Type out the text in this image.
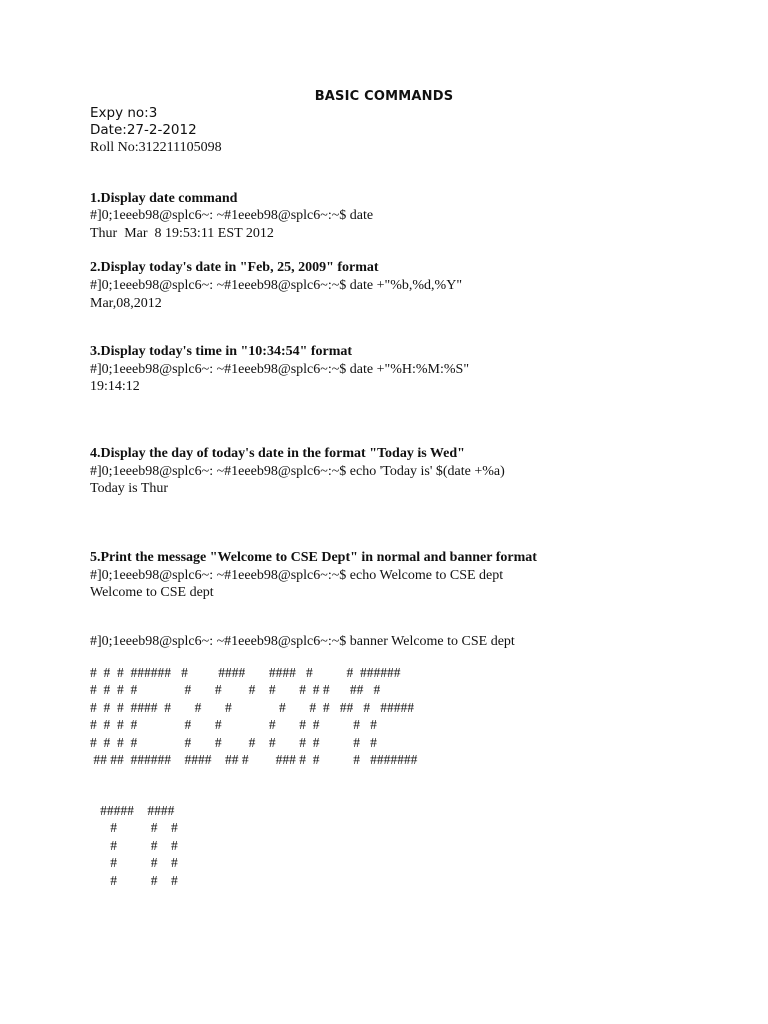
BASIC COMMANDS
Expy no:3
Date:27-2-2012
Roll No:312211105098
1.Display date command
#]0;1eeeb98@splc6~: ~#1eeeb98@splc6~:~$ date
Thur  Mar  8 19:53:11 EST 2012
2.Display today's date in "Feb, 25, 2009" format
#]0;1eeeb98@splc6~: ~#1eeeb98@splc6~:~$ date +"%b,%d,%Y"
Mar,08,2012
3.Display today's time in "10:34:54" format
#]0;1eeeb98@splc6~: ~#1eeeb98@splc6~:~$ date +"%H:%M:%S"
19:14:12
4.Display the day of today's date in the format "Today is Wed"
#]0;1eeeb98@splc6~: ~#1eeeb98@splc6~:~$ echo 'Today is' $(date +%a)
Today is Thur
5.Print the message "Welcome to CSE Dept" in normal and banner format
#]0;1eeeb98@splc6~: ~#1eeeb98@splc6~:~$ echo Welcome to CSE dept
Welcome to CSE dept
#]0;1eeeb98@splc6~: ~#1eeeb98@splc6~:~$ banner Welcome to CSE dept
#  #  #  ######   #         ####       ####   #          #  ######
#  #  #  #              #       #        #    #       #  # #      ##   #
#  #  #  ####  #       #       #              #       #  #   ##   #   #####
#  #  #  #              #       #              #       #  #          #   #
#  #  #  #              #       #        #    #       #  #          #   #
## ##  ######    ####    ## #        ### #  #          #   #######
#####    ####
#          #    #
#          #    #
#          #    #
#          #    #
